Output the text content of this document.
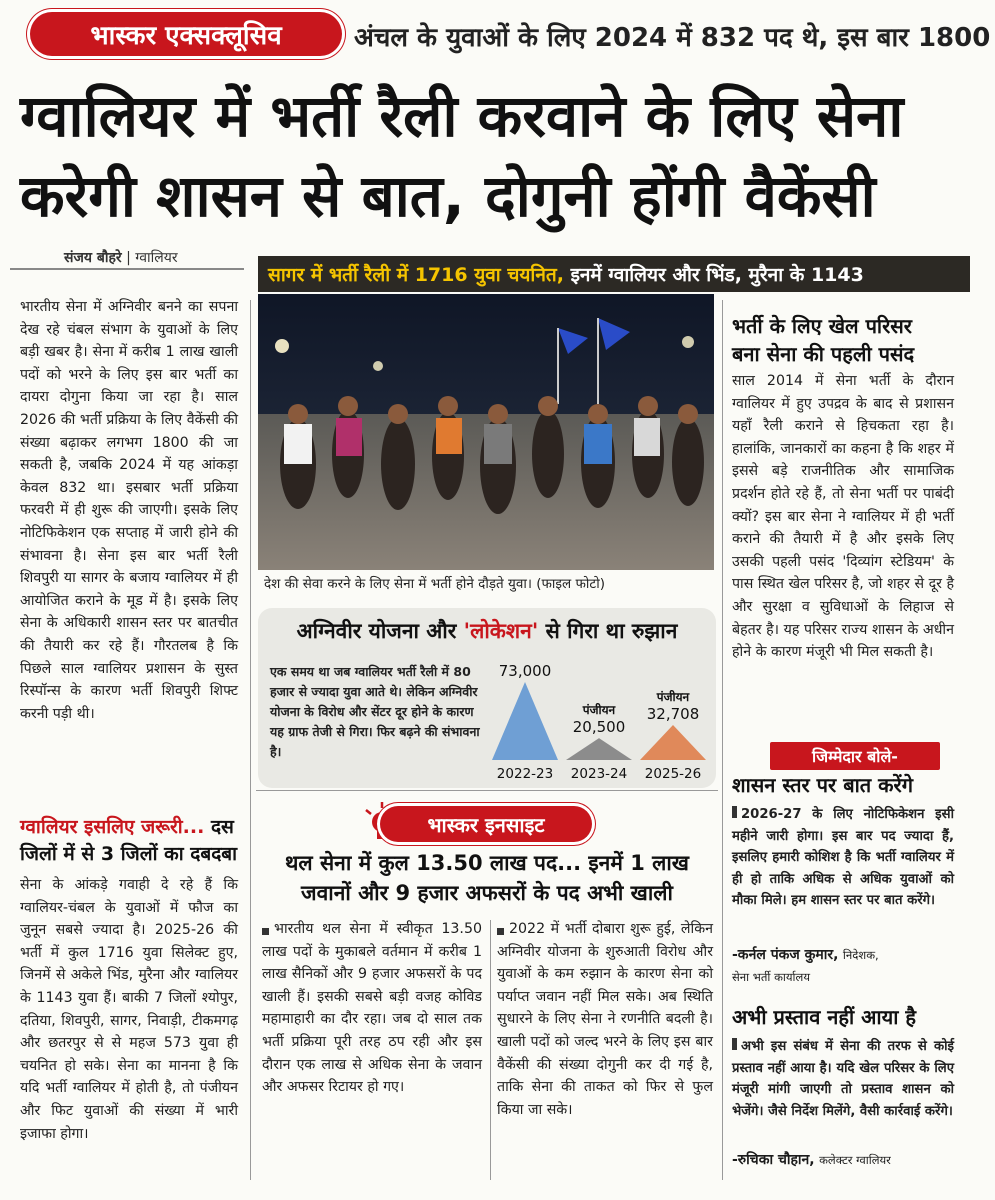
भास्कर एक्सक्लूसिव	अंचल के युवाओं के लिए 2024 में 832 पद थे, इस बार 1800
ग्वालियर में भर्ती रैली करवाने के लिए सेना
करेगी शासन से बात, दोगुनी होंगी वैकेंसी
संजय बौहरे | ग्वालियर
भारतीय सेना में अग्निवीर बनने का सपना देख रहे चंबल संभाग के युवाओं के लिए बड़ी खबर है। सेना में करीब 1 लाख खाली पदों को भरने के लिए इस बार भर्ती का दायरा दोगुना किया जा रहा है। साल 2026 की भर्ती प्रक्रिया के लिए वैकेंसी की संख्या बढ़ाकर लगभग 1800 की जा सकती है, जबकि 2024 में यह आंकड़ा केवल 832 था। इसबार भर्ती प्रक्रिया फरवरी में ही शुरू की जाएगी। इसके लिए नोटिफिकेशन एक सप्ताह में जारी होने की संभावना है। सेना इस बार भर्ती रैली शिवपुरी या सागर के बजाय ग्वालियर में ही आयोजित कराने के मूड में है। इसके लिए सेना के अधिकारी शासन स्तर पर बातचीत की तैयारी कर रहे हैं। गौरतलब है कि पिछले साल ग्वालियर प्रशासन के सुस्त रिस्पॉन्स के कारण भर्ती शिवपुरी शिफ्ट करनी पड़ी थी।
ग्वालियर इसलिए जरूरी... दस
जिलों में से 3 जिलों का दबदबा
सेना के आंकड़े गवाही दे रहे हैं कि ग्वालियर-चंबल के युवाओं में फौज का जुनून सबसे ज्यादा है। 2025-26 की भर्ती में कुल 1716 युवा सिलेक्ट हुए, जिनमें से अकेले भिंड, मुरैना और ग्वालियर के 1143 युवा हैं। बाकी 7 जिलों श्योपुर, दतिया, शिवपुरी, सागर, निवाड़ी, टीकमगढ़ और छतरपुर से से महज 573 युवा ही चयनित हो सके। सेना का मानना है कि यदि भर्ती ग्वालियर में होती है, तो पंजीयन और फिट युवाओं की संख्या में भारी इजाफा होगा।
सागर में भर्ती रैली में 1716 युवा चयनित,
इनमें ग्वालियर और भिंड, मुरैना के 1143
देश की सेवा करने के लिए सेना में भर्ती होने दौड़ते युवा। (फाइल फोटो)
अग्निवीर योजना और 'लोकेशन' से गिरा था रुझान
एक समय था जब ग्वालियर भर्ती रैली में 80 हजार से ज्यादा युवा आते थे। लेकिन अग्निवीर योजना के विरोध और सेंटर दूर होने के कारण यह ग्राफ तेजी से गिरा। फिर बढ़ने की संभावना है।
73,000
2022-23
20,500
पंजीयन
2023-24
32,708
पंजीयन
2025-26
भास्कर इनसाइट
थल सेना में कुल 13.50 लाख पद... इनमें 1 लाख
जवानों और 9 हजार अफसरों के पद अभी खाली
भारतीय थल सेना में स्वीकृत 13.50 लाख पदों के मुकाबले वर्तमान में करीब 1 लाख सैनिकों और 9 हजार अफसरों के पद खाली हैं। इसकी सबसे बड़ी वजह कोविड महामाहारी का दौर रहा। जब दो साल तक भर्ती प्रक्रिया पूरी तरह ठप रही और इस दौरान एक लाख से अधिक सेना के जवान और अफसर रिटायर हो गए।
2022 में भर्ती दोबारा शुरू हुई, लेकिन अग्निवीर योजना के शुरुआती विरोध और युवाओं के कम रुझान के कारण सेना को पर्याप्त जवान नहीं मिल सके। अब स्थिति सुधारने के लिए सेना ने रणनीति बदली है। खाली पदों को जल्द भरने के लिए इस बार वैकेंसी की संख्या दोगुनी कर दी गई है, ताकि सेना की ताकत को फिर से फुल किया जा सके।
भर्ती के लिए खेल परिसर
बना सेना की पहली पसंद
साल 2014 में सेना भर्ती के दौरान ग्वालियर में हुए उपद्रव के बाद से प्रशासन यहाँ रैली कराने से हिचकता रहा है। हालांकि, जानकारों का कहना है कि शहर में इससे बड़े राजनीतिक और सामाजिक प्रदर्शन होते रहे हैं, तो सेना भर्ती पर पाबंदी क्यों? इस बार सेना ने ग्वालियर में ही भर्ती कराने की तैयारी में है और इसके लिए उसकी पहली पसंद 'दिव्यांग स्टेडियम' के पास स्थित खेल परिसर है, जो शहर से दूर है और सुरक्षा व सुविधाओं के लिहाज से बेहतर है। यह परिसर राज्य शासन के अधीन होने के कारण मंजूरी भी मिल सकती है।
जिम्मेदार बोले-
शासन स्तर पर बात करेंगे
2026-27 के लिए नोटिफिकेशन इसी महीने जारी होगा। इस बार पद ज्यादा हैं, इसलिए हमारी कोशिश है कि भर्ती ग्वालियर में ही हो ताकि अधिक से अधिक युवाओं को मौका मिले। हम शासन स्तर पर बात करेंगे।
-कर्नल पंकज कुमार, निदेशक,
सेना भर्ती कार्यालय
अभी प्रस्ताव नहीं आया है
अभी इस संबंध में सेना की तरफ से कोई प्रस्ताव नहीं आया है। यदि खेल परिसर के लिए मंजूरी मांगी जाएगी तो प्रस्ताव शासन को भेजेंगे। जैसे निर्देश मिलेंगे, वैसी कार्रवाई करेंगे।
-रुचिका चौहान, कलेक्टर ग्वालियर
